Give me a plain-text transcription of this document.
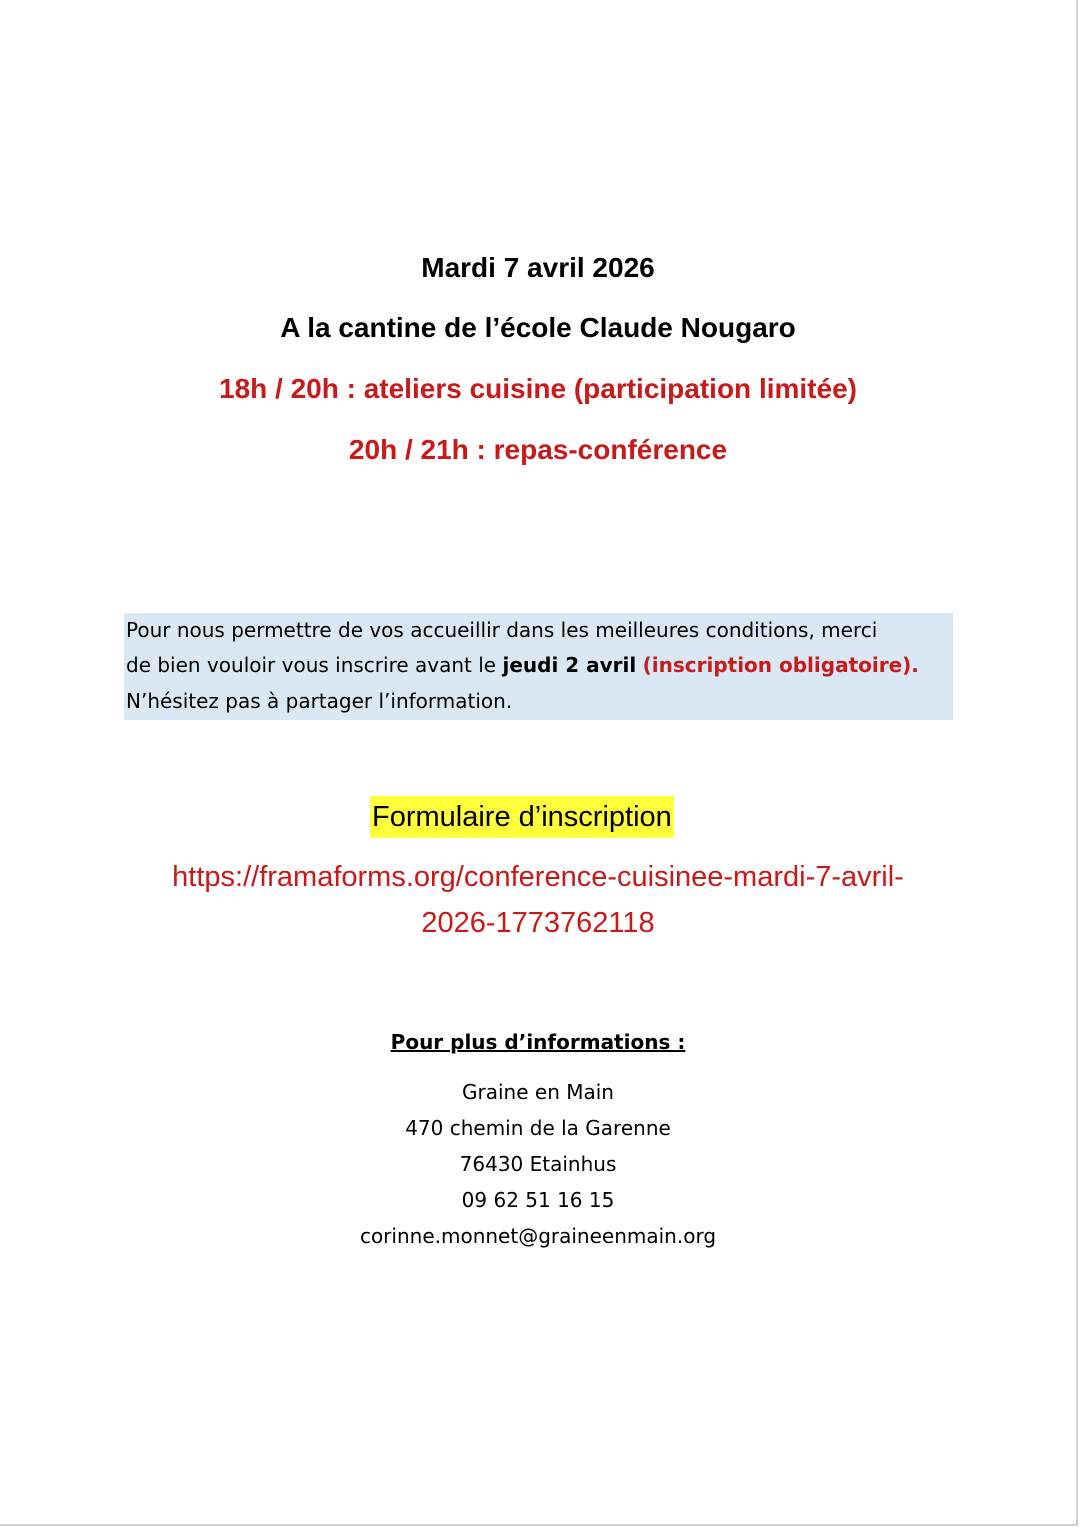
Mardi 7 avril 2026
A la cantine de l’école Claude Nougaro
18h / 20h : ateliers cuisine (participation limitée)
20h / 21h : repas-conférence
Pour nous permettre de vos accueillir dans les meilleures conditions, merci
de bien vouloir vous inscrire avant le jeudi 2 avril (inscription obligatoire).
N’hésitez pas à partager l’information.
Formulaire d’inscription
https://framaforms.org/conference-cuisinee-mardi-7-avril-
2026-1773762118
Pour plus d’informations :
Graine en Main
470 chemin de la Garenne
76430 Etainhus
09 62 51 16 15
corinne.monnet@graineenmain.org
